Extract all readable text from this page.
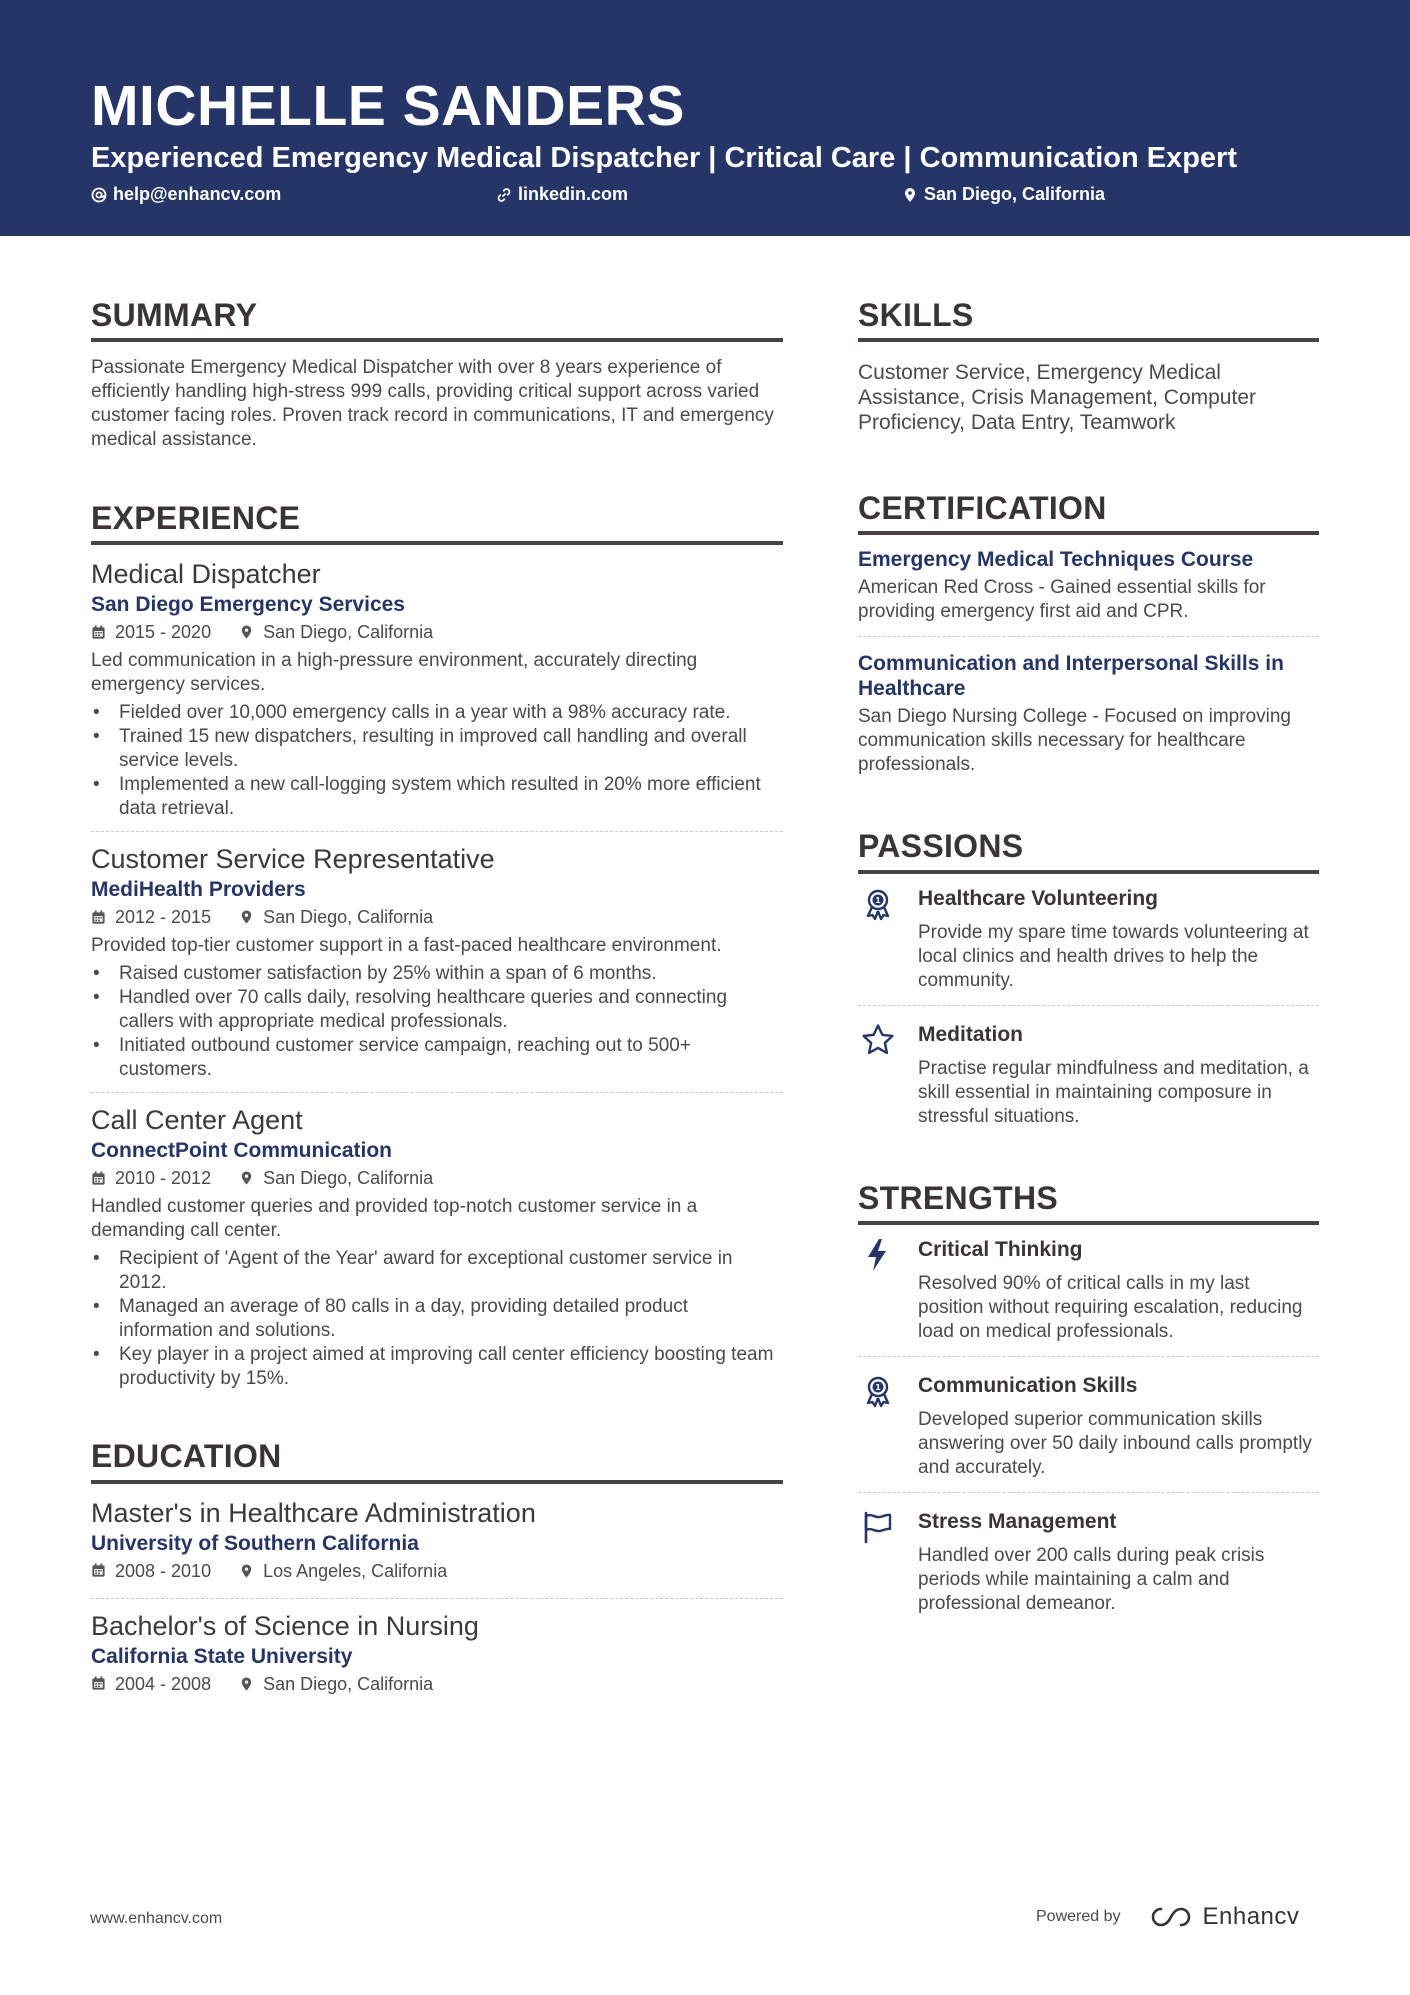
MICHELLE SANDERS
Experienced Emergency Medical Dispatcher | Critical Care | Communication Expert
help@enhancv.com	linkedin.com	San Diego, California
SUMMARY
Passionate Emergency Medical Dispatcher with over 8 years experience of efficiently handling high-stress 999 calls, providing critical support across varied customer facing roles. Proven track record in communications, IT and emergency medical assistance.
EXPERIENCE
Medical Dispatcher
San Diego Emergency Services
2015 - 2020	San Diego, California
Led communication in a high-pressure environment, accurately directing emergency services.
• Fielded over 10,000 emergency calls in a year with a 98% accuracy rate.
• Trained 15 new dispatchers, resulting in improved call handling and overall service levels.
• Implemented a new call-logging system which resulted in 20% more efficient data retrieval.
Customer Service Representative
MediHealth Providers
2012 - 2015	San Diego, California
Provided top-tier customer support in a fast-paced healthcare environment.
• Raised customer satisfaction by 25% within a span of 6 months.
• Handled over 70 calls daily, resolving healthcare queries and connecting callers with appropriate medical professionals.
• Initiated outbound customer service campaign, reaching out to 500+ customers.
Call Center Agent
ConnectPoint Communication
2010 - 2012	San Diego, California
Handled customer queries and provided top-notch customer service in a demanding call center.
• Recipient of 'Agent of the Year' award for exceptional customer service in 2012.
• Managed an average of 80 calls in a day, providing detailed product information and solutions.
• Key player in a project aimed at improving call center efficiency boosting team productivity by 15%.
EDUCATION
Master's in Healthcare Administration
University of Southern California
2008 - 2010	Los Angeles, California
Bachelor's of Science in Nursing
California State University
2004 - 2008	San Diego, California
SKILLS
Customer Service, Emergency Medical Assistance, Crisis Management, Computer Proficiency, Data Entry, Teamwork
CERTIFICATION
Emergency Medical Techniques Course
American Red Cross - Gained essential skills for providing emergency first aid and CPR.
Communication and Interpersonal Skills in Healthcare
San Diego Nursing College - Focused on improving communication skills necessary for healthcare professionals.
PASSIONS
1 Healthcare Volunteering
Provide my spare time towards volunteering at local clinics and health drives to help the community.
Meditation
Practise regular mindfulness and meditation, a skill essential in maintaining composure in stressful situations.
STRENGTHS
Critical Thinking
Resolved 90% of critical calls in my last position without requiring escalation, reducing load on medical professionals.
1 Communication Skills
Developed superior communication skills answering over 50 daily inbound calls promptly and accurately.
Stress Management
Handled over 200 calls during peak crisis periods while maintaining a calm and professional demeanor.
www.enhancv.com	Powered by	Enhancv
